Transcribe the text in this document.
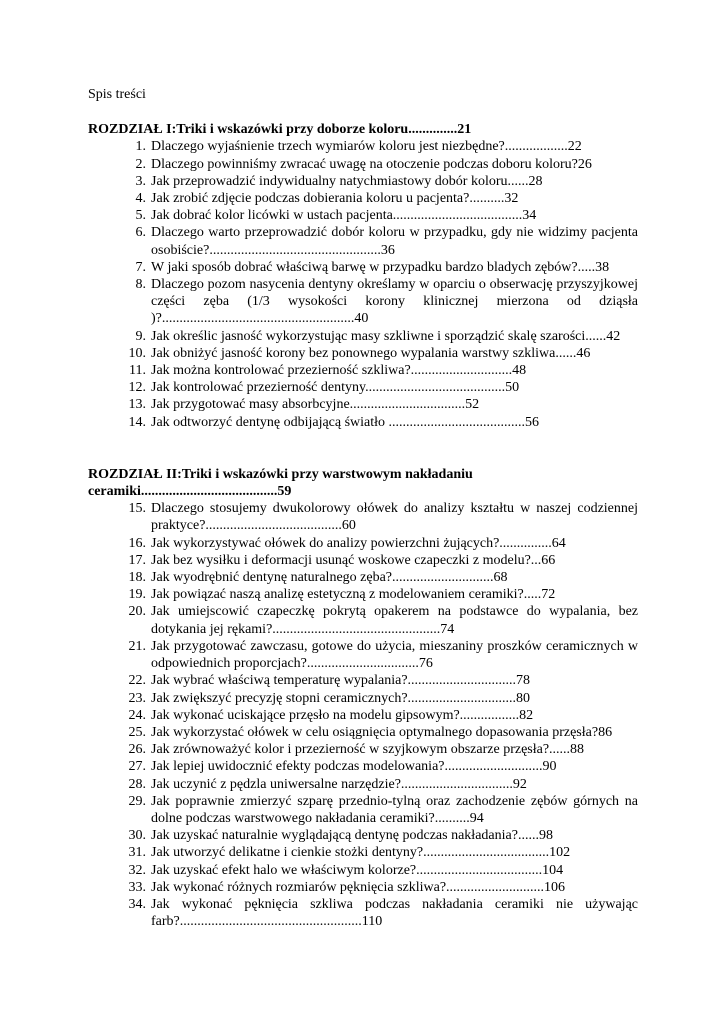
Spis treści

ROZDZIAŁ I:Triki i wskazówki przy doborze koloru..............21

1. Dlaczego wyjaśnienie trzech wymiarów koloru jest niezbędne?..................22
2. Dlaczego powinniśmy zwracać uwagę na otoczenie podczas doboru koloru?26
3. Jak przeprowadzić indywidualny natychmiastowy dobór koloru......28
4. Jak zrobić zdjęcie podczas dobierania koloru u pacjenta?..........32
5. Jak dobrać kolor licówki w ustach pacjenta.....................................34
6. Dlaczego warto przeprowadzić dobór koloru w przypadku, gdy nie widzimy pacjenta osobiście?.................................................36
7. W jaki sposób dobrać właściwą barwę w przypadku bardzo bladych zębów?.....38
8. Dlaczego pozom nasycenia dentyny określamy w oparciu o obserwację przyszyjkowej części zęba (1/3 wysokości korony klinicznej mierzona od dziąsła )?.......................................................40
9. Jak określic jasność wykorzystując masy szkliwne i sporządzić skalę szarości......42
10. Jak obniżyć jasność korony bez ponownego wypalania warstwy szkliwa......46
11. Jak można kontrolować przezierność szkliwa?.............................48
12. Jak kontrolować przezierność dentyny........................................50
13. Jak przygotować masy absorbcyjne.................................52
14. Jak odtworzyć dentynę odbijającą światło .......................................56

ROZDZIAŁ II:Triki i wskazówki przy warstwowym nakładaniu ceramiki.......................................59

15. Dlaczego stosujemy dwukolorowy ołówek do analizy kształtu w naszej codziennej praktyce?.......................................60
16. Jak wykorzystywać ołówek do analizy powierzchni żujących?...............64
17. Jak bez wysiłku i deformacji usunąć woskowe czapeczki z modelu?...66
18. Jak wyodrębnić dentynę naturalnego zęba?.............................68
19. Jak powiązać naszą analizę estetyczną z modelowaniem ceramiki?.....72
20. Jak umiejscowić czapeczkę pokrytą opakerem na podstawce do wypalania, bez dotykania jej rękami?................................................74
21. Jak przygotować zawczasu, gotowe do użycia, mieszaniny proszków ceramicznych w odpowiednich proporcjach?................................76
22. Jak wybrać właściwą temperaturę wypalania?...............................78
23. Jak zwiększyć precyzję stopni ceramicznych?...............................80
24. Jak wykonać uciskające przęsło na modelu gipsowym?.................82
25. Jak wykorzystać ołówek w celu osiągnięcia optymalnego dopasowania przęsła?86
26. Jak zrównoważyć kolor i przezierność w szyjkowym obszarze przęsła?......88
27. Jak lepiej uwidocznić efekty podczas modelowania?............................90
28. Jak uczynić z pędzla uniwersalne narzędzie?................................92
29. Jak poprawnie zmierzyć szparę przednio-tylną oraz zachodzenie zębów górnych na dolne podczas warstwowego nakładania ceramiki?..........94
30. Jak uzyskać naturalnie wyglądającą dentynę podczas nakładania?......98
31. Jak utworzyć delikatne i cienkie stożki dentyny?....................................102
32. Jak uzyskać efekt halo we właściwym kolorze?....................................104
33. Jak wykonać różnych rozmiarów pęknięcia szkliwa?............................106
34. Jak wykonać pęknięcia szkliwa podczas nakładania ceramiki nie używając farb?....................................................110
